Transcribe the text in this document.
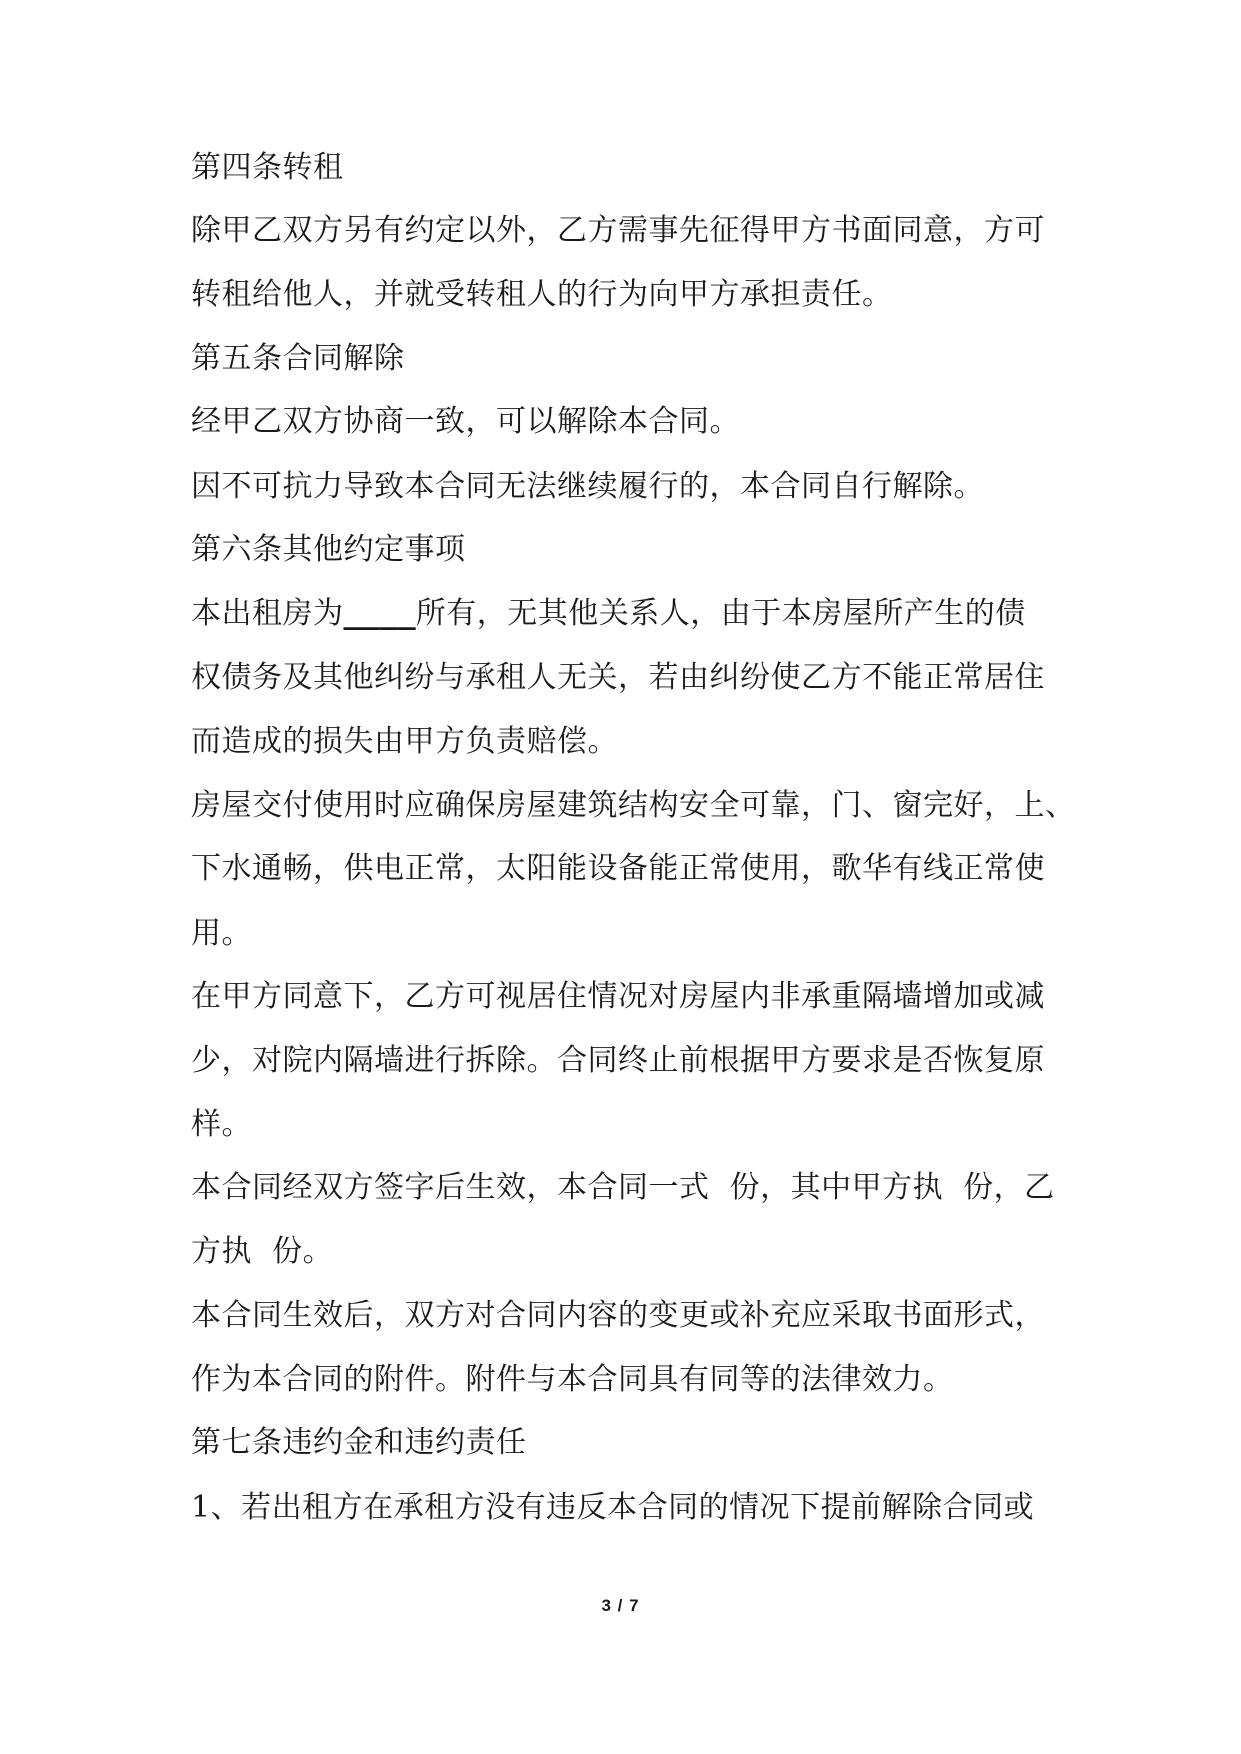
第四条转租
除甲乙双方另有约定以外，乙方需事先征得甲方书面同意，方可
转租给他人，并就受转租人的行为向甲方承担责任。
第五条合同解除
经甲乙双方协商一致，可以解除本合同。
因不可抗力导致本合同无法继续履行的，本合同自行解除。
第六条其他约定事项
本出租房为____所有，无其他关系人，由于本房屋所产生的债
权债务及其他纠纷与承租人无关，若由纠纷使乙方不能正常居住
而造成的损失由甲方负责赔偿。
房屋交付使用时应确保房屋建筑结构安全可靠，门、窗完好，上、
下水通畅，供电正常，太阳能设备能正常使用，歌华有线正常使
用。
在甲方同意下，乙方可视居住情况对房屋内非承重隔墙增加或减
少，对院内隔墙进行拆除。合同终止前根据甲方要求是否恢复原
样。
本合同经双方签字后生效，本合同一式  份，其中甲方执  份，乙
方执  份。
本合同生效后，双方对合同内容的变更或补充应采取书面形式，
作为本合同的附件。附件与本合同具有同等的法律效力。
第七条违约金和违约责任
1、若出租方在承租方没有违反本合同的情况下提前解除合同或
3 / 7
